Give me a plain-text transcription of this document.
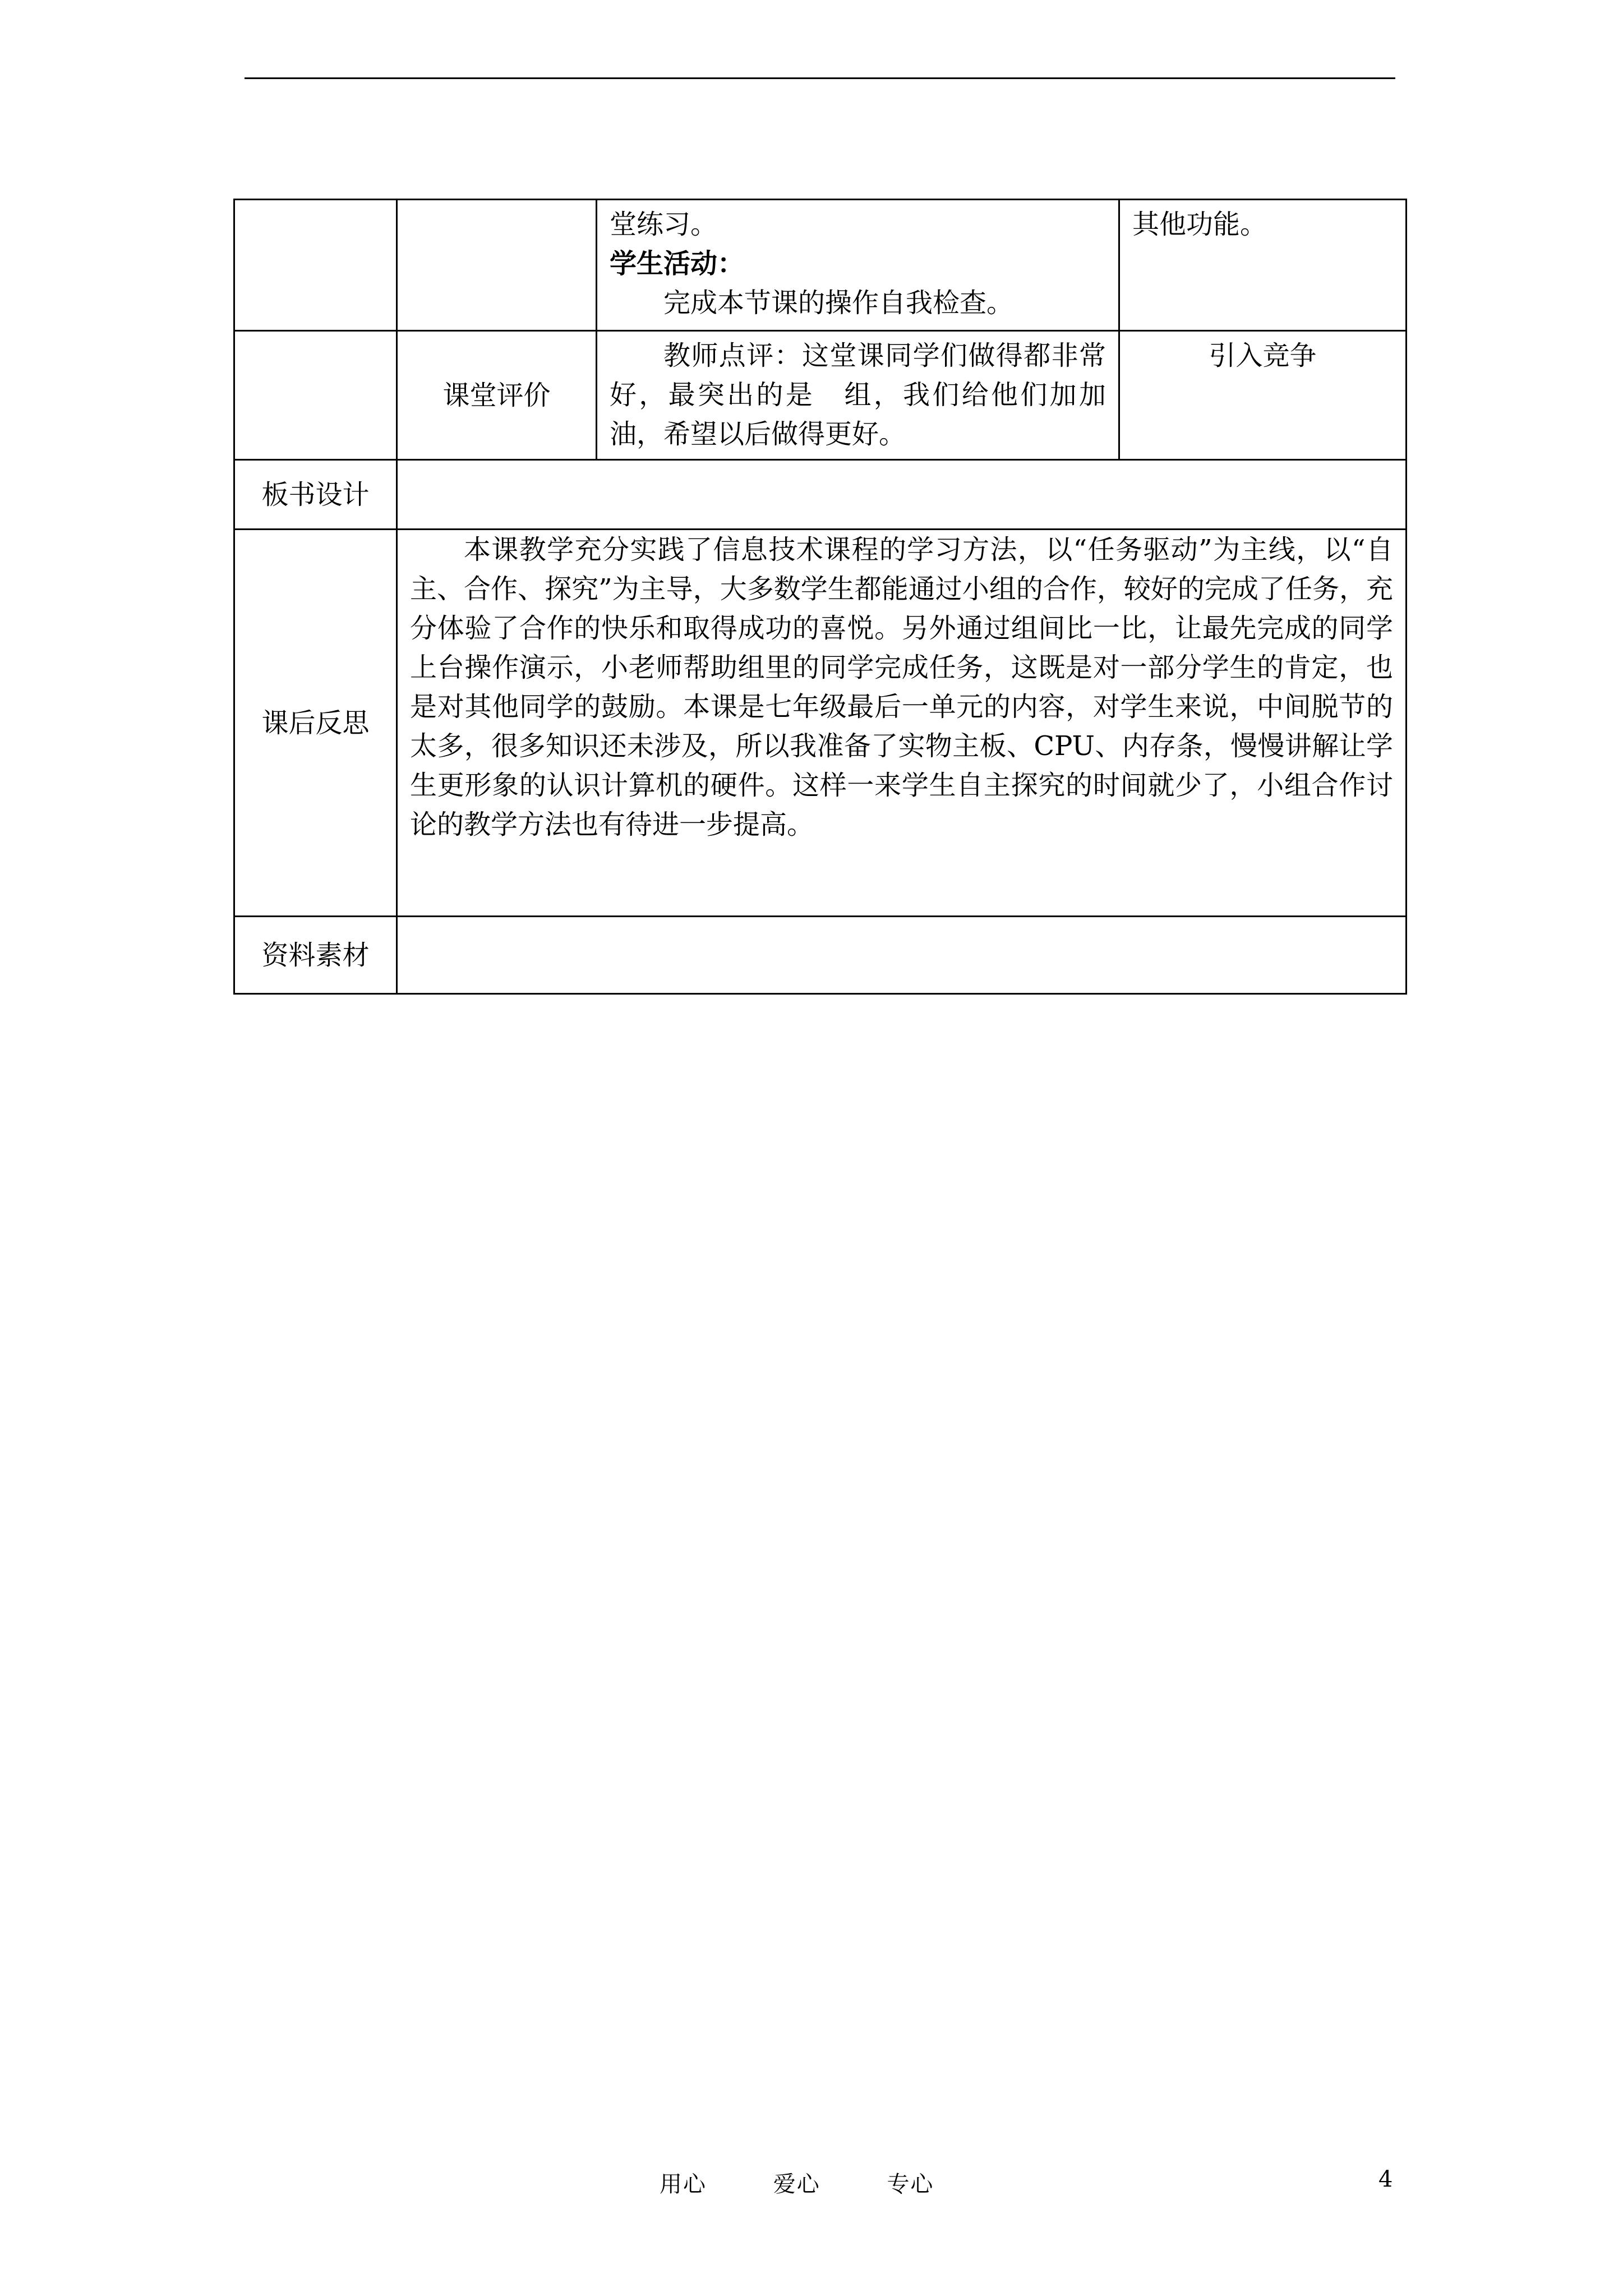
		堂练习。
学生活动：
完成本节课的操作自我检查。	其他功能。

	课堂评价	教师点评：这堂课同学们做得都非常好，最突出的是　组，我们给他们加加油，希望以后做得更好。	引入竞争
板书设计			
课后反思	本课教学充分实践了信息技术课程的学习方法，以“任务驱动”为主线，以“自主、合作、探究”为主导，大多数学生都能通过小组的合作，较好的完成了任务，充分体验了合作的快乐和取得成功的喜悦。另外通过组间比一比，让最先完成的同学上台操作演示，小老师帮助组里的同学完成任务，这既是对一部分学生的肯定，也是对其他同学的鼓励。本课是七年级最后一单元的内容，对学生来说，中间脱节的太多，很多知识还未涉及，所以我准备了实物主板、CPU、内存条，慢慢讲解让学生更形象的认识计算机的硬件。这样一来学生自主探究的时间就少了，小组合作讨论的教学方法也有待进一步提高。		

资料素材			
用心	爱心	专心	4
